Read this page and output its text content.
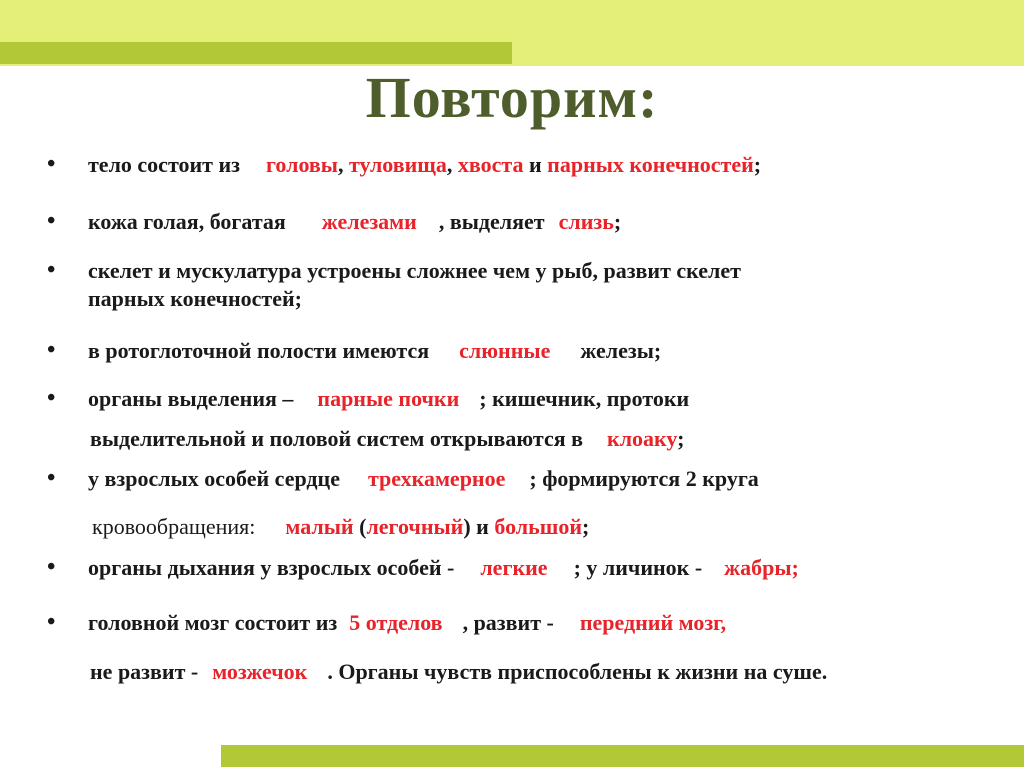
Повторим:
• тело состоит из головы, туловища, хвоста и парных конечностей;
• кожа голая, богатая железами , выделяет слизь;
• скелет и мускулатура устроены сложнее чем у рыб, развит скелет
парных конечностей;
• в ротоглоточной полости имеются слюнные железы;
• органы выделения – парные почки ; кишечник, протоки
выделительной и половой систем открываются в клоаку;
• у взрослых особей сердце трехкамерное ; формируются 2 круга
кровообращения: малый (легочный) и большой;
• органы дыхания у взрослых особей - легкие ; у личинок - жабры;
• головной мозг состоит из 5 отделов , развит - передний мозг,
не развит - мозжечок . Органы чувств приспособлены к жизни на суше.
